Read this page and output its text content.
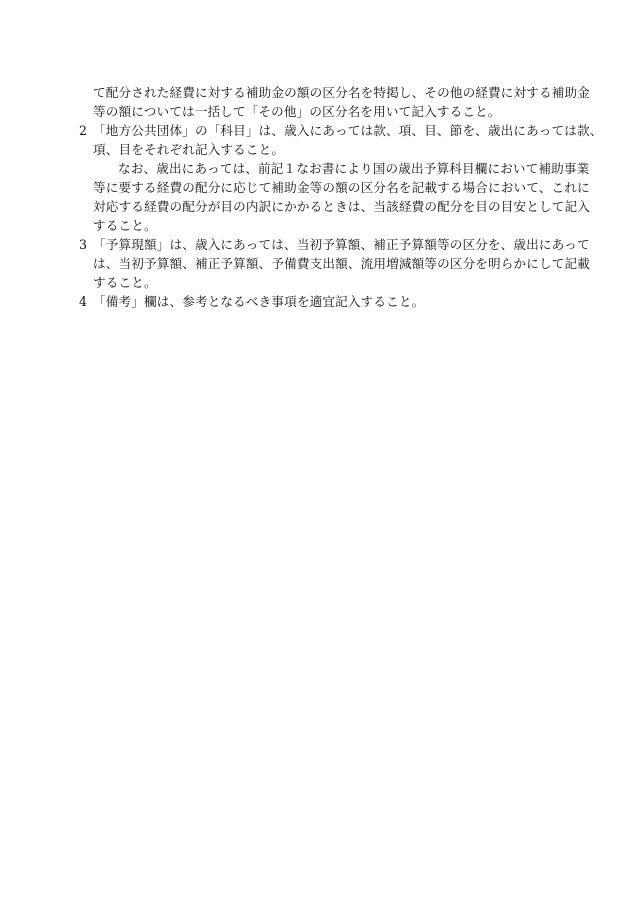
て配分された経費に対する補助金の額の区分名を特掲し、その他の経費に対する補助金
等の額については一括して「その他」の区分名を用いて記入すること。
2 「地方公共団体」の「科目」は、歳入にあっては款、項、目、節を、歳出にあっては款、
項、目をそれぞれ記入すること。
なお、歳出にあっては、前記１なお書により国の歳出予算科目欄において補助事業
等に要する経費の配分に応じて補助金等の額の区分名を記載する場合において、これに
対応する経費の配分が目の内訳にかかるときは、当該経費の配分を目の目安として記入
すること。
3 「予算現額」は、歳入にあっては、当初予算額、補正予算額等の区分を、歳出にあって
は、当初予算額、補正予算額、予備費支出額、流用増減額等の区分を明らかにして記載
すること。
4 「備考」欄は、参考となるべき事項を適宜記入すること。
